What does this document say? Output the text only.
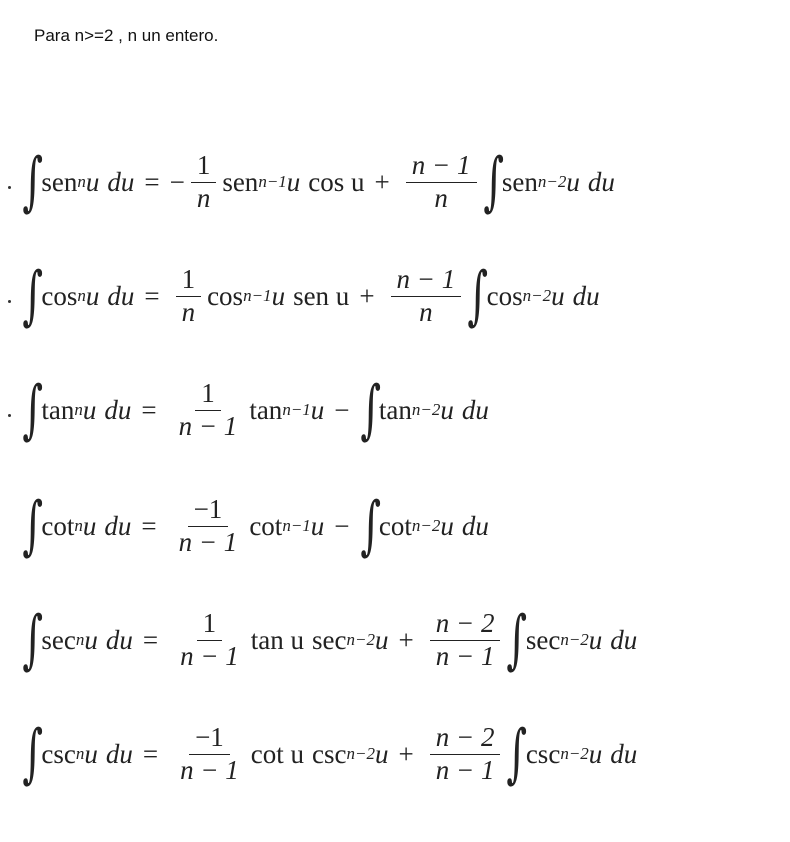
Para n>=2 , n un entero.
∫
sen n u du = − $\frac{1}{n}$ sen n−1 u $\cos u + \frac{n - 1}{n}$ ∫
sen n−2 u du
∫
cos n u du = $\frac{1}{n}$ cos n−1 u sen $u + \frac{n - 1}{n}$ ∫
cos n−2 u du
∫
tan n u du = $\frac{1}{n - 1}$ tan n−1 u − ∫
tan n−2 u du
∫
cot n u du = $\frac{-1}{n - 1}$ cot n−1 u − ∫
cot n−2 u du
∫
sec n u du = $\frac{1}{n - 1}$ tan u sec n−2 $u + \frac{n - 2}{n - 1}$ ∫
sec n−2 u du
∫
csc n u du = $\frac{-1}{n - 1}$ cot u csc n−2 $u + \frac{n - 2}{n - 1}$ ∫
csc n−2 u du
